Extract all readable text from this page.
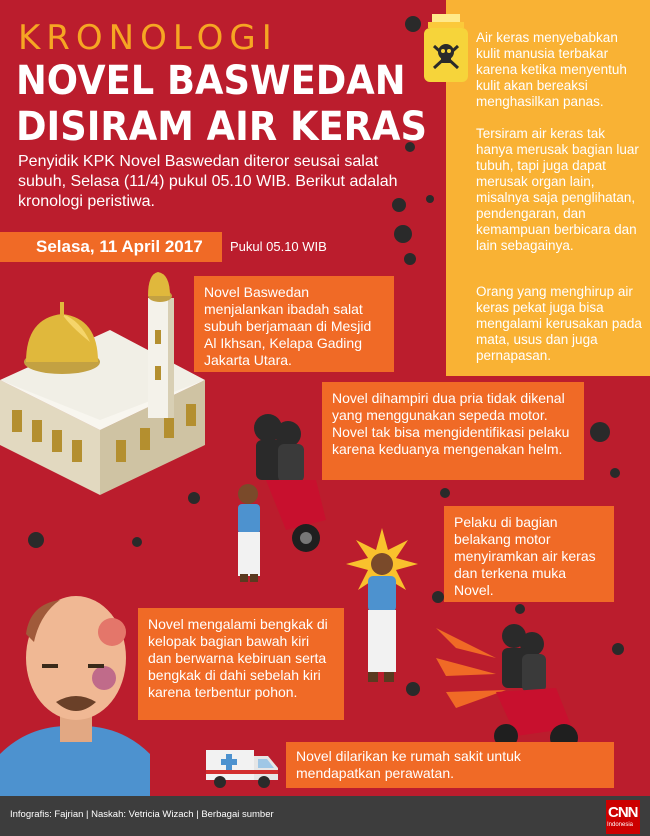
KRONOLOGI
NOVEL BASWEDAN
DISIRAM AIR KERAS
Penyidik KPK Novel Baswedan diteror seusai salat subuh, Selasa (11/4) pukul 05.10 WIB. Berikut adalah kronologi peristiwa.
Selasa, 11 April 2017 Pukul 05.10 WIB

Air keras menyebabkan kulit manusia terbakar karena ketika menyentuh kulit akan bereaksi menghasilkan panas.

Tersiram air keras tak hanya merusak bagian luar tubuh, tapi juga dapat merusak organ lain, misalnya saja penglihatan, pendengaran, dan kemampuan berbicara dan lain sebagainya.

Orang yang menghirup air keras pekat juga bisa mengalami kerusakan pada mata, usus dan juga pernapasan.

Novel Baswedan menjalankan ibadah salat subuh berjamaan di Mesjid Al Ikhsan, Kelapa Gading Jakarta Utara.
Novel dihampiri dua pria tidak dikenal yang menggunakan sepeda motor. Novel tak bisa mengidentifikasi pelaku karena keduanya mengenakan helm.
Pelaku di bagian belakang motor menyiramkan air keras dan terkena muka Novel.
Novel mengalami bengkak di kelopak bagian bawah kiri dan berwarna kebiruan serta bengkak di dahi sebelah kiri karena terbentur pohon.
Novel dilarikan ke rumah sakit untuk mendapatkan perawatan.
Infografis: Fajrian | Naskah: Vetricia Wizach | Berbagai sumber	CNN
Indonesia
